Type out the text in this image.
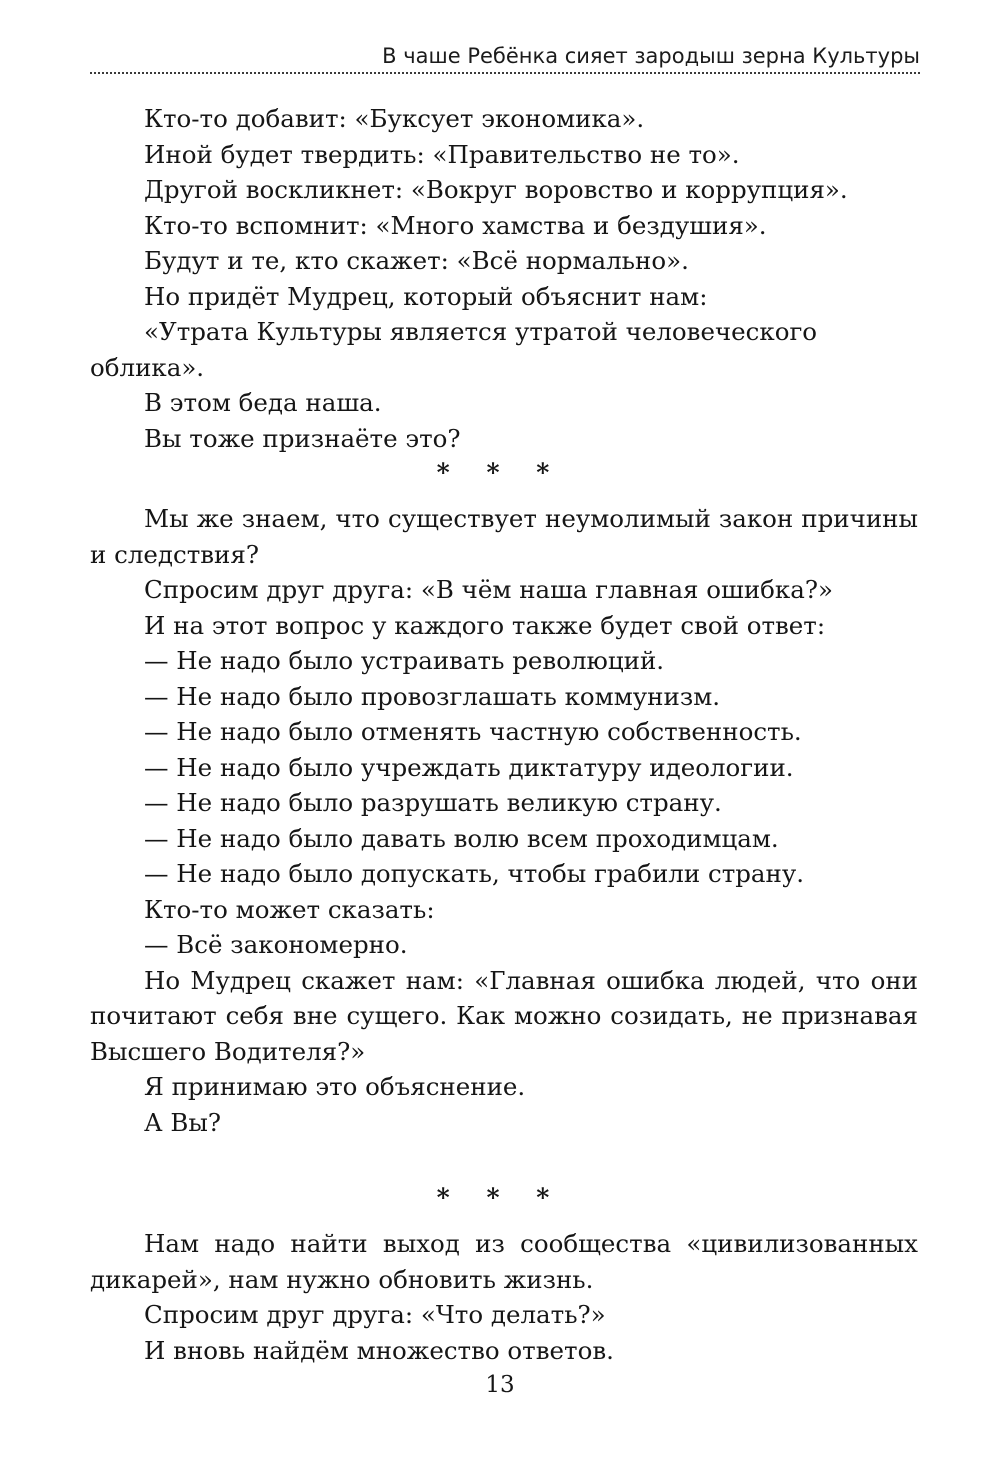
В чаше Ребёнка сияет зародыш зерна Культуры

Кто-то добавит: «Буксует экономика».

Иной будет твердить: «Правительство не то».

Другой воскликнет: «Вокруг воровство и коррупция».

Кто-то вспомнит: «Много хамства и бездушия».

Будут и те, кто скажет: «Всё нормально».

Но придёт Мудрец, который объяснит нам:

«Утрата Культуры является утратой человеческого облика».

В этом беда наша.

Вы тоже признаёте это?

* * *

Мы же знаем, что существует неумолимый закон причины и следствия?

Спросим друг друга: «В чём наша главная ошибка?»

И на этот вопрос у каждого также будет свой ответ:

— Не надо было устраивать революций.

— Не надо было провозглашать коммунизм.

— Не надо было отменять частную собственность.

— Не надо было учреждать диктатуру идеологии.

— Не надо было разрушать великую страну.

— Не надо было давать волю всем проходимцам.

— Не надо было допускать, чтобы грабили страну.

Кто-то может сказать:

— Всё закономерно.

Но Мудрец скажет нам: «Главная ошибка людей, что они почитают себя вне сущего. Как можно созидать, не признавая Высшего Водителя?»

Я принимаю это объяснение.

А Вы?

* * *

Нам надо найти выход из сообщества «цивилизованных дикарей», нам нужно обновить жизнь.

Спросим друг друга: «Что делать?»

И вновь найдём множество ответов.

13
